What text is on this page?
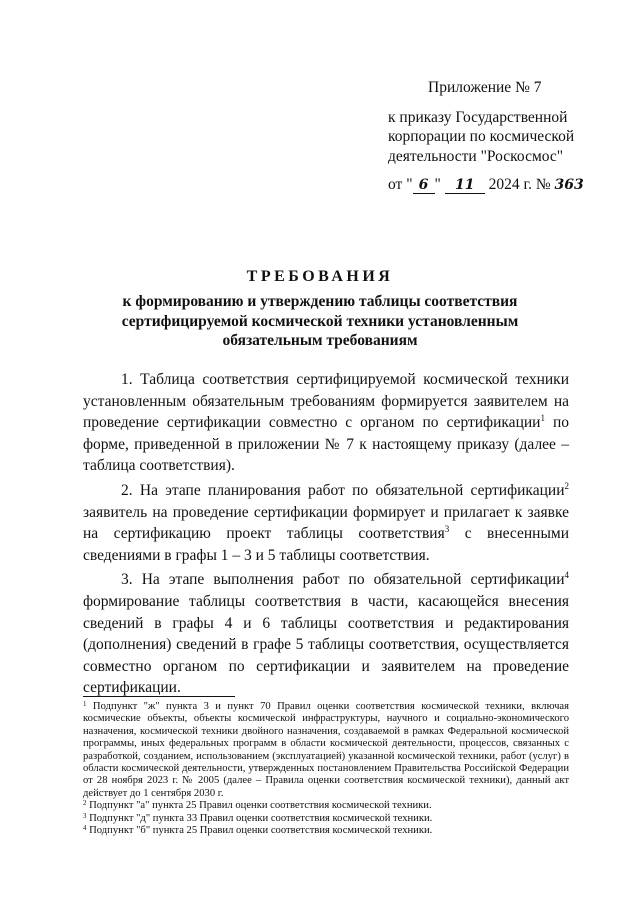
Приложение № 7
к приказу Государственной
корпорации по космической
деятельности "Роскосмос"
от " 6 " 11 2024 г. № 363
ТРЕБОВАНИЯ
к формированию и утверждению таблицы соответствия сертифицируемой космической техники установленным обязательным требованиям

1. Таблица соответствия сертифицируемой космической техники установленным обязательным требованиям формируется заявителем на проведение сертификации совместно с органом по сертификации$^1$ по форме, приведенной в приложении № 7 к настоящему приказу (далее – таблица соответствия).

2. На этапе планирования работ по обязательной сертификации$^2$ заявитель на проведение сертификации формирует и прилагает к заявке на сертификацию проект таблицы соответствия$^3$ с внесенными сведениями в графы 1 – 3 и 5 таблицы соответствия.

3. На этапе выполнения работ по обязательной сертификации$^4$ формирование таблицы соответствия в части, касающейся внесения сведений в графы 4 и 6 таблицы соответствия и редактирования (дополнения) сведений в графе 5 таблицы соответствия, осуществляется совместно органом по сертификации и заявителем на проведение сертификации.

$^1$ Подпункт "ж" пункта 3 и пункт 70 Правил оценки соответствия космической техники, включая космические объекты, объекты космической инфраструктуры, научного и социально-экономического назначения, космической техники двойного назначения, создаваемой в рамках Федеральной космической программы, иных федеральных программ в области космической деятельности, процессов, связанных с разработкой, созданием, использованием (эксплуатацией) указанной космической техники, работ (услуг) в области космической деятельности, утвержденных постановлением Правительства Российской Федерации от 28 ноября 2023 г. № 2005 (далее – Правила оценки соответствия космической техники), данный акт действует до 1 сентября 2030 г.

$^2$ Подпункт "а" пункта 25 Правил оценки соответствия космической техники.

$^3$ Подпункт "д" пункта 33 Правил оценки соответствия космической техники.

$^4$ Подпункт "б" пункта 25 Правил оценки соответствия космической техники.
